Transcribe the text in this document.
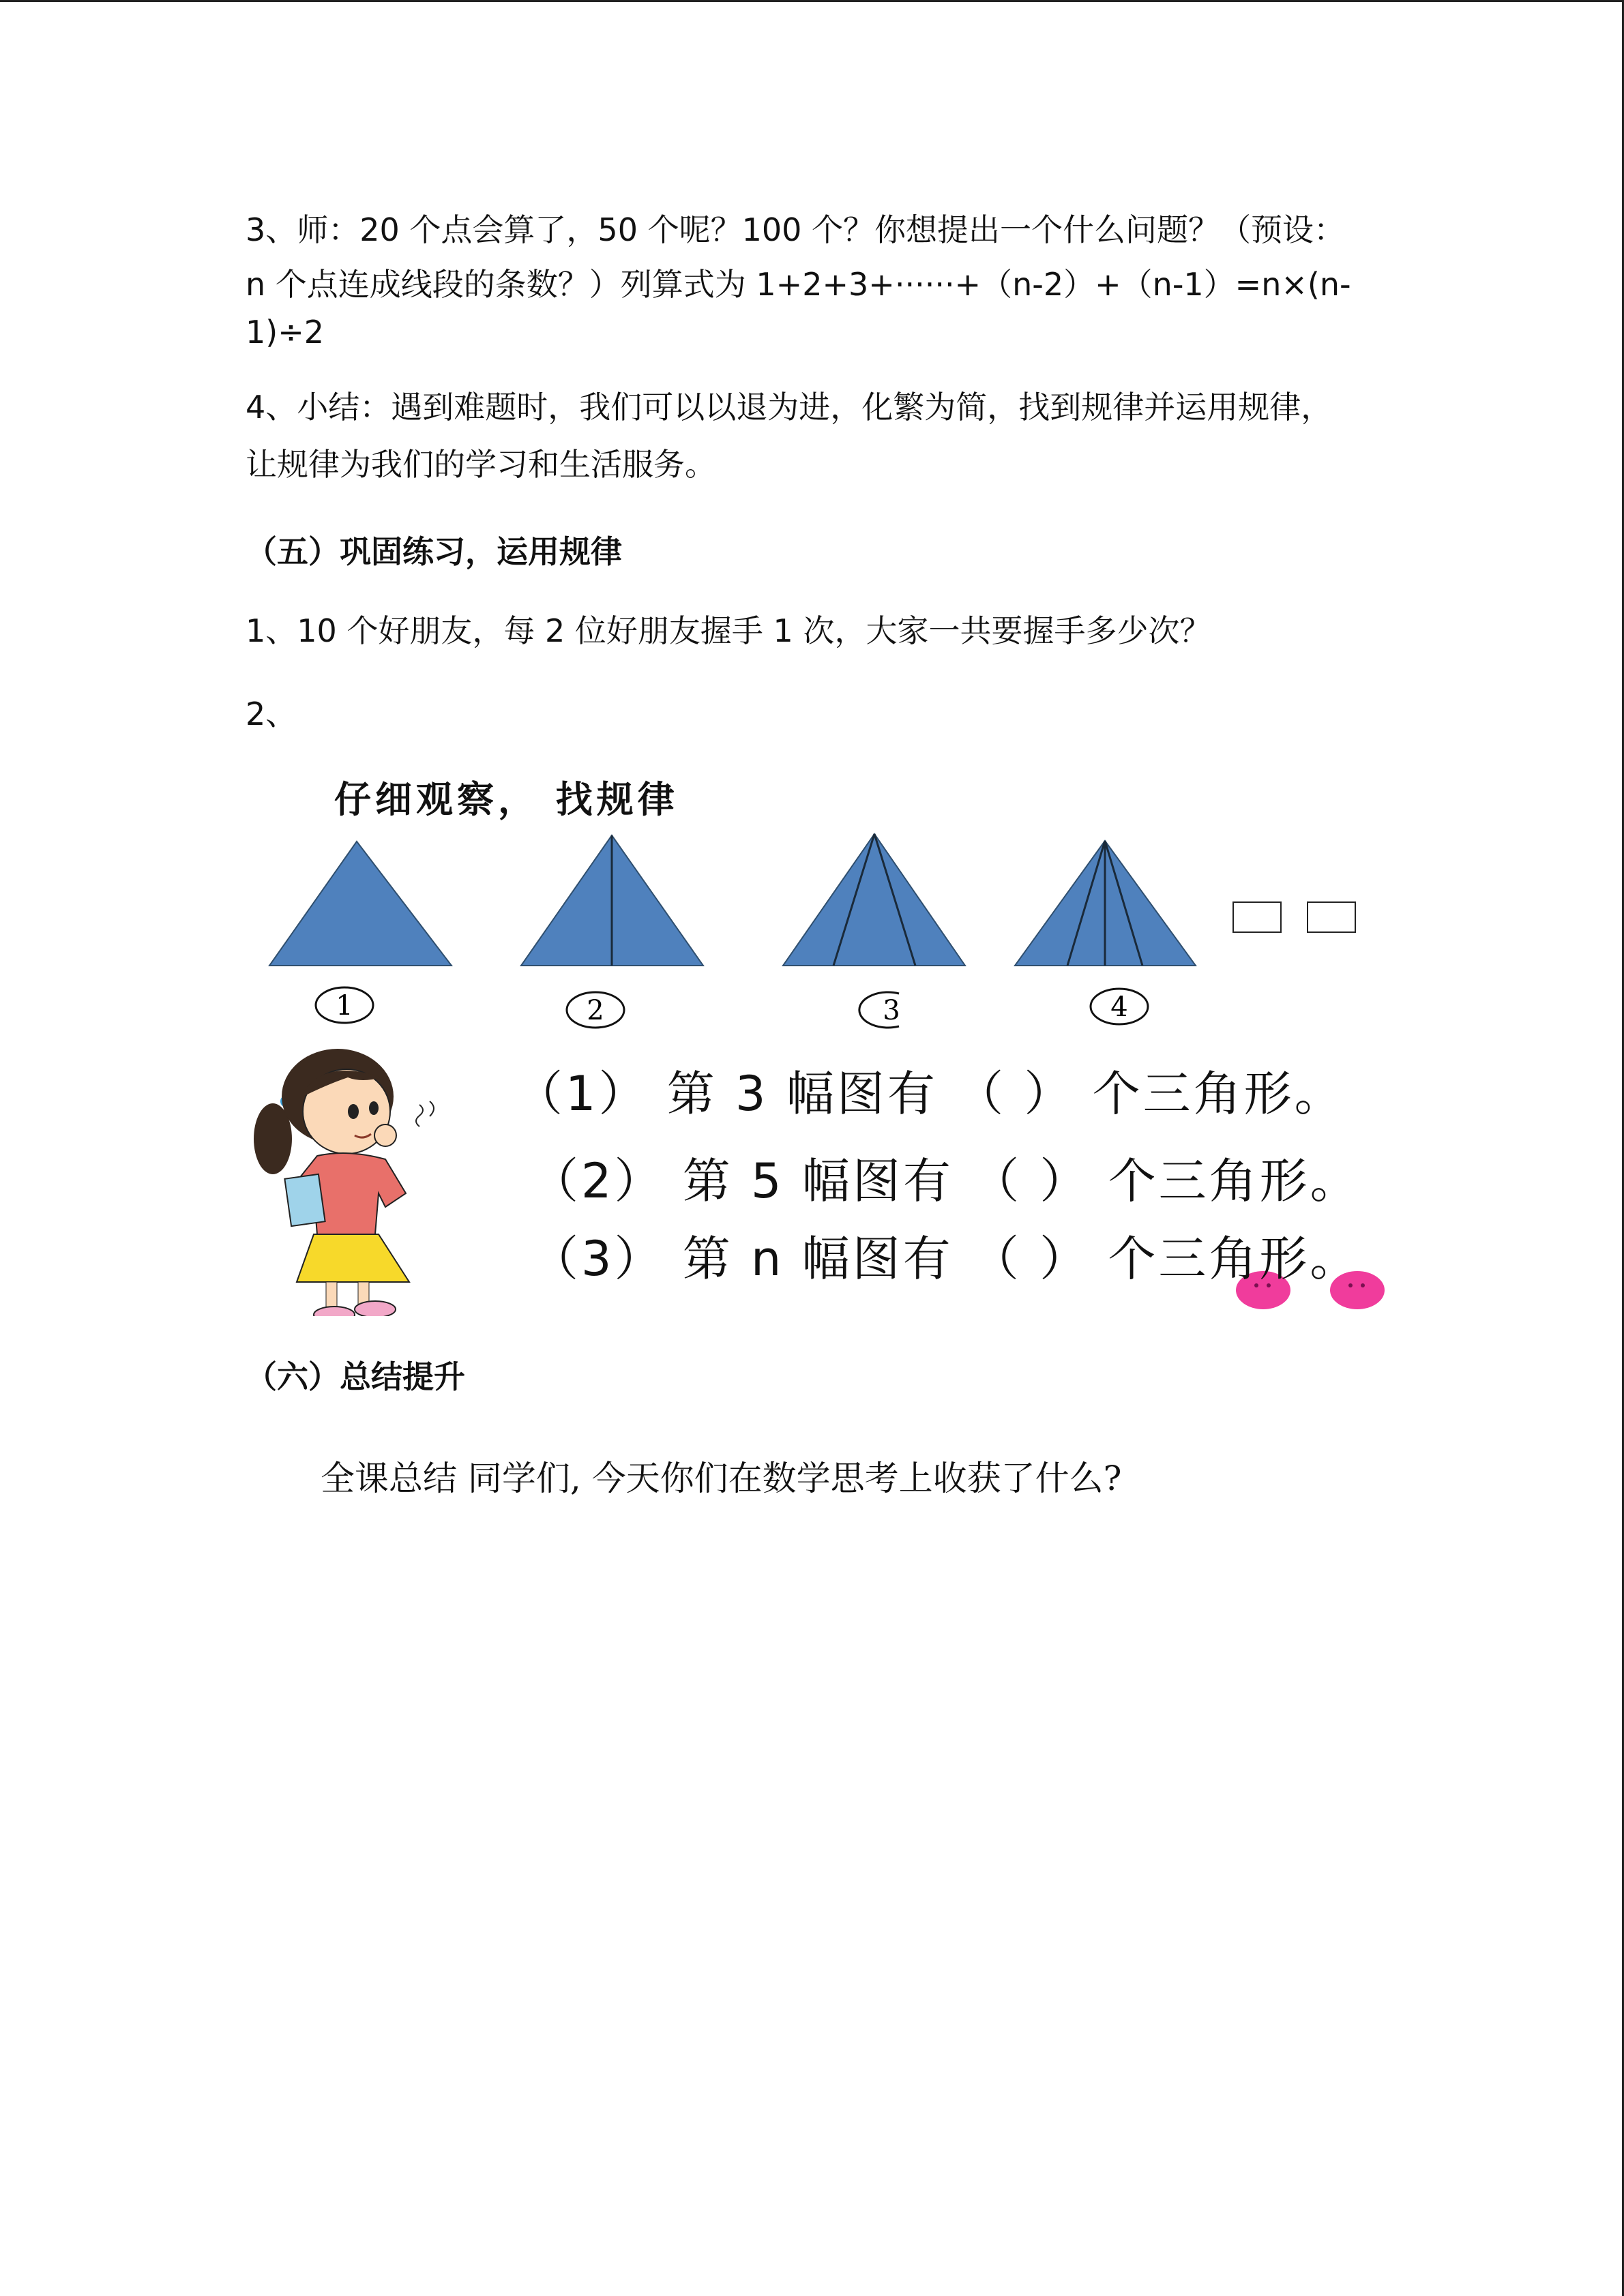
3、师：20 个点会算了，50 个呢？100 个？你想提出一个什么问题？（预设：

n 个点连成线段的条数？）列算式为 1+2+3+······+（n-2）+（n-1）=n×(n-

1)÷2

4、小结：遇到难题时，我们可以以退为进，化繁为简，找到规律并运用规律，

让规律为我们的学习和生活服务。

（五）巩固练习，运用规律

1、10 个好朋友，每 2 位好朋友握手 1 次，大家一共要握手多少次？

2、

仔细观察， 找规律
1	2	3	4
（1） 第 3 幅图有 （ ） 个三角形。
（2） 第 5 幅图有 （ ） 个三角形。
（3） 第 n 幅图有 （ ） 个三角形。

（六）总结提升

全课总结 同学们, 今天你们在数学思考上收获了什么?
